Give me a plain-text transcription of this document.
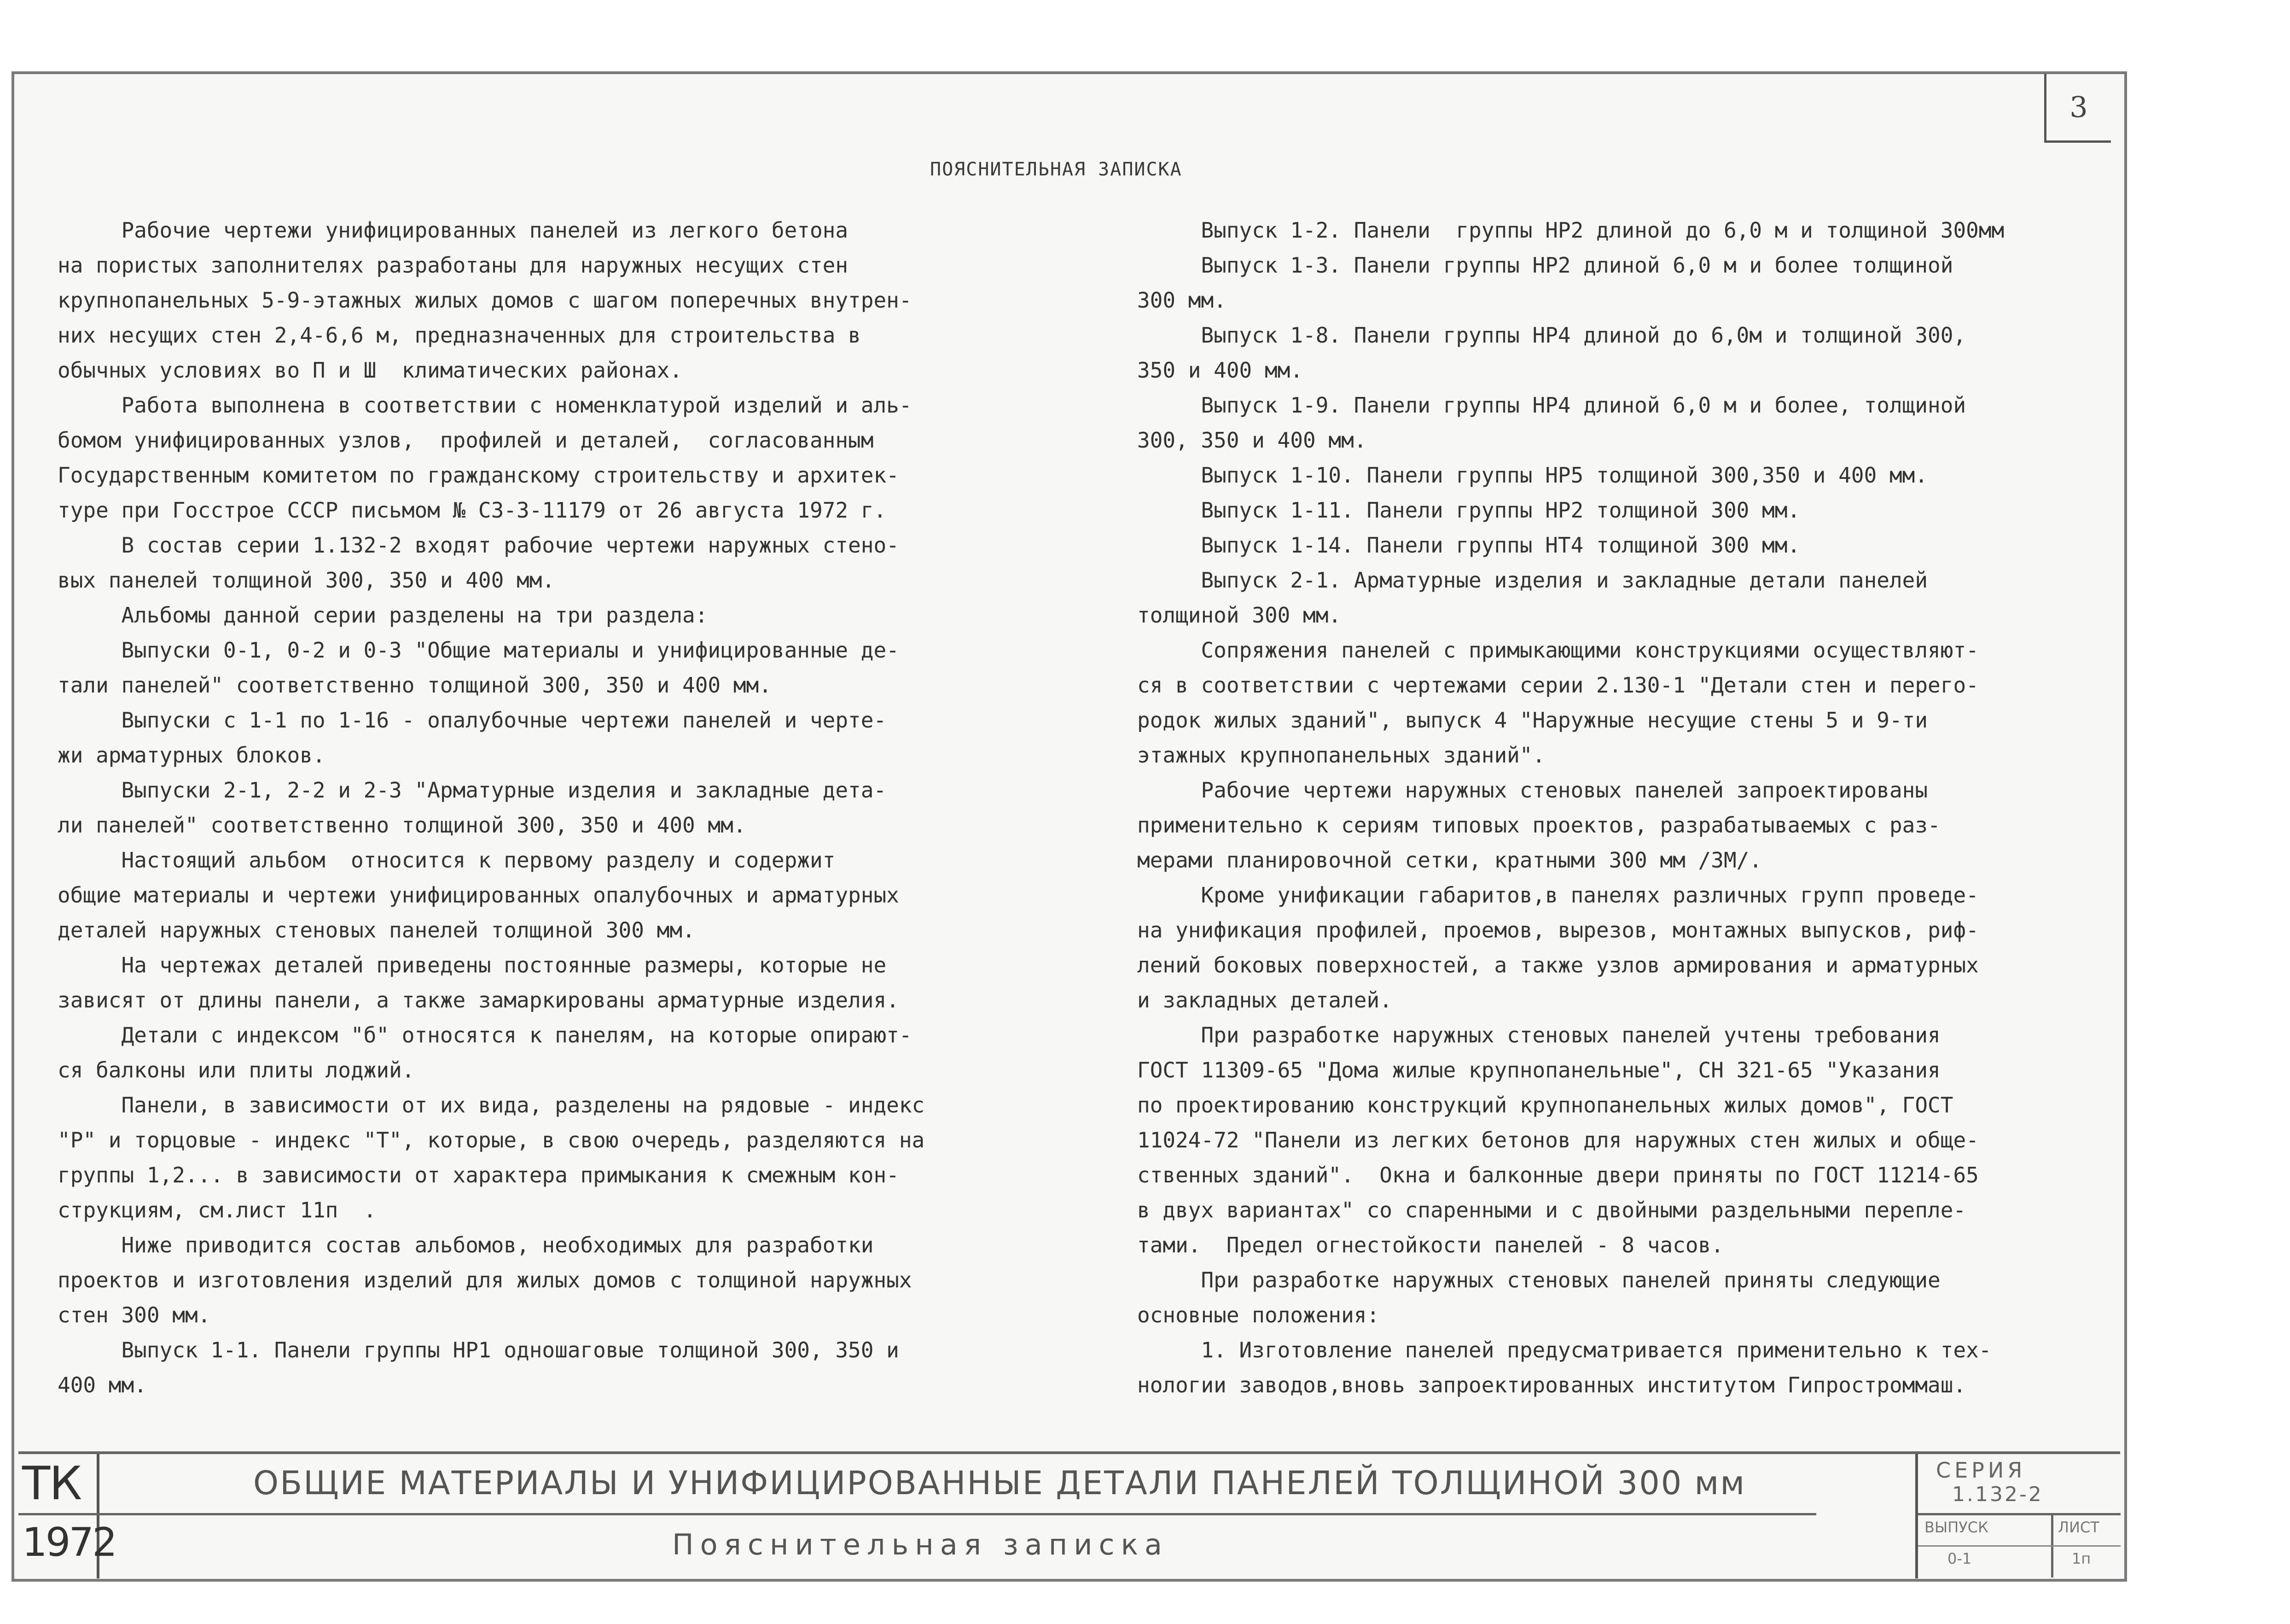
3
ПОЯСНИТЕЛЬНАЯ ЗАПИСКА

Рабочие чертежи унифицированных панелей из легкого бетона

на пористых заполнителях разработаны для наружных несущих стен

крупнопанельных 5-9-этажных жилых домов с шагом поперечных внутрен-

них несущих стен 2,4-6,6 м, предназначенных для строительства в

обычных условиях во П и Ш  климатических районах.

Работа выполнена в соответствии с номенклатурой изделий и аль-

бомом унифицированных узлов,  профилей и деталей,  согласованным

Государственным комитетом по гражданскому строительству и архитек-

туре при Госстрое СССР письмом № СЗ-3-11179 от 26 августа 1972 г.

В состав серии 1.132-2 входят рабочие чертежи наружных стено-

вых панелей толщиной 300, 350 и 400 мм.

Альбомы данной серии разделены на три раздела:

Выпуски 0-1, 0-2 и 0-3 "Общие материалы и унифицированные де-

тали панелей" соответственно толщиной 300, 350 и 400 мм.

Выпуски с 1-1 по 1-16 - опалубочные чертежи панелей и черте-

жи арматурных блоков.

Выпуски 2-1, 2-2 и 2-3 "Арматурные изделия и закладные дета-

ли панелей" соответственно толщиной 300, 350 и 400 мм.

Настоящий альбом  относится к первому разделу и содержит

общие материалы и чертежи унифицированных опалубочных и арматурных

деталей наружных стеновых панелей толщиной 300 мм.

На чертежах деталей приведены постоянные размеры, которые не

зависят от длины панели, а также замаркированы арматурные изделия.

Детали с индексом "б" относятся к панелям, на которые опирают-

ся балконы или плиты лоджий.

Панели, в зависимости от их вида, разделены на рядовые - индекс

"Р" и торцовые - индекс "Т", которые, в свою очередь, разделяются на

группы 1,2... в зависимости от характера примыкания к смежным кон-

струкциям, см.лист 11п  .

Ниже приводится состав альбомов, необходимых для разработки

проектов и изготовления изделий для жилых домов с толщиной наружных

стен 300 мм.

Выпуск 1-1. Панели группы НР1 одношаговые толщиной 300, 350 и

400 мм.

Выпуск 1-2. Панели  группы НР2 длиной до 6,0 м и толщиной 300мм

Выпуск 1-3. Панели группы НР2 длиной 6,0 м и более толщиной

300 мм.

Выпуск 1-8. Панели группы НР4 длиной до 6,0м и толщиной 300,

350 и 400 мм.

Выпуск 1-9. Панели группы НР4 длиной 6,0 м и более, толщиной

300, 350 и 400 мм.

Выпуск 1-10. Панели группы НР5 толщиной 300,350 и 400 мм.

Выпуск 1-11. Панели группы НР2 толщиной 300 мм.

Выпуск 1-14. Панели группы НТ4 толщиной 300 мм.

Выпуск 2-1. Арматурные изделия и закладные детали панелей

толщиной 300 мм.

Сопряжения панелей с примыкающими конструкциями осуществляют-

ся в соответствии с чертежами серии 2.130-1 "Детали стен и перего-

родок жилых зданий", выпуск 4 "Наружные несущие стены 5 и 9-ти

этажных крупнопанельных зданий".

Рабочие чертежи наружных стеновых панелей запроектированы

применительно к сериям типовых проектов, разрабатываемых с раз-

мерами планировочной сетки, кратными 300 мм /3М/.

Кроме унификации габаритов,в панелях различных групп проведе-

на унификация профилей, проемов, вырезов, монтажных выпусков, риф-

лений боковых поверхностей, а также узлов армирования и арматурных

и закладных деталей.

При разработке наружных стеновых панелей учтены требования

ГОСТ 11309-65 "Дома жилые крупнопанельные", СН 321-65 "Указания

по проектированию конструкций крупнопанельных жилых домов", ГОСТ

11024-72 "Панели из легких бетонов для наружных стен жилых и обще-

ственных зданий".  Окна и балконные двери приняты по ГОСТ 11214-65

в двух вариантах" со спаренными и с двойными раздельными перепле-

тами.  Предел огнестойкости панелей - 8 часов.

При разработке наружных стеновых панелей приняты следующие

основные положения:

1. Изготовление панелей предусматривается применительно к тех-

нологии заводов,вновь запроектированных институтом Гипростроммаш.

ТК
1972
ОБЩИЕ МАТЕРИАЛЫ И УНИФИЦИРОВАННЫЕ ДЕТАЛИ ПАНЕЛЕЙ ТОЛЩИНОЙ 300 мм
Пояснительная записка
СЕРИЯ
1.132-2
ВЫПУСК
0-1
ЛИСТ
1п
